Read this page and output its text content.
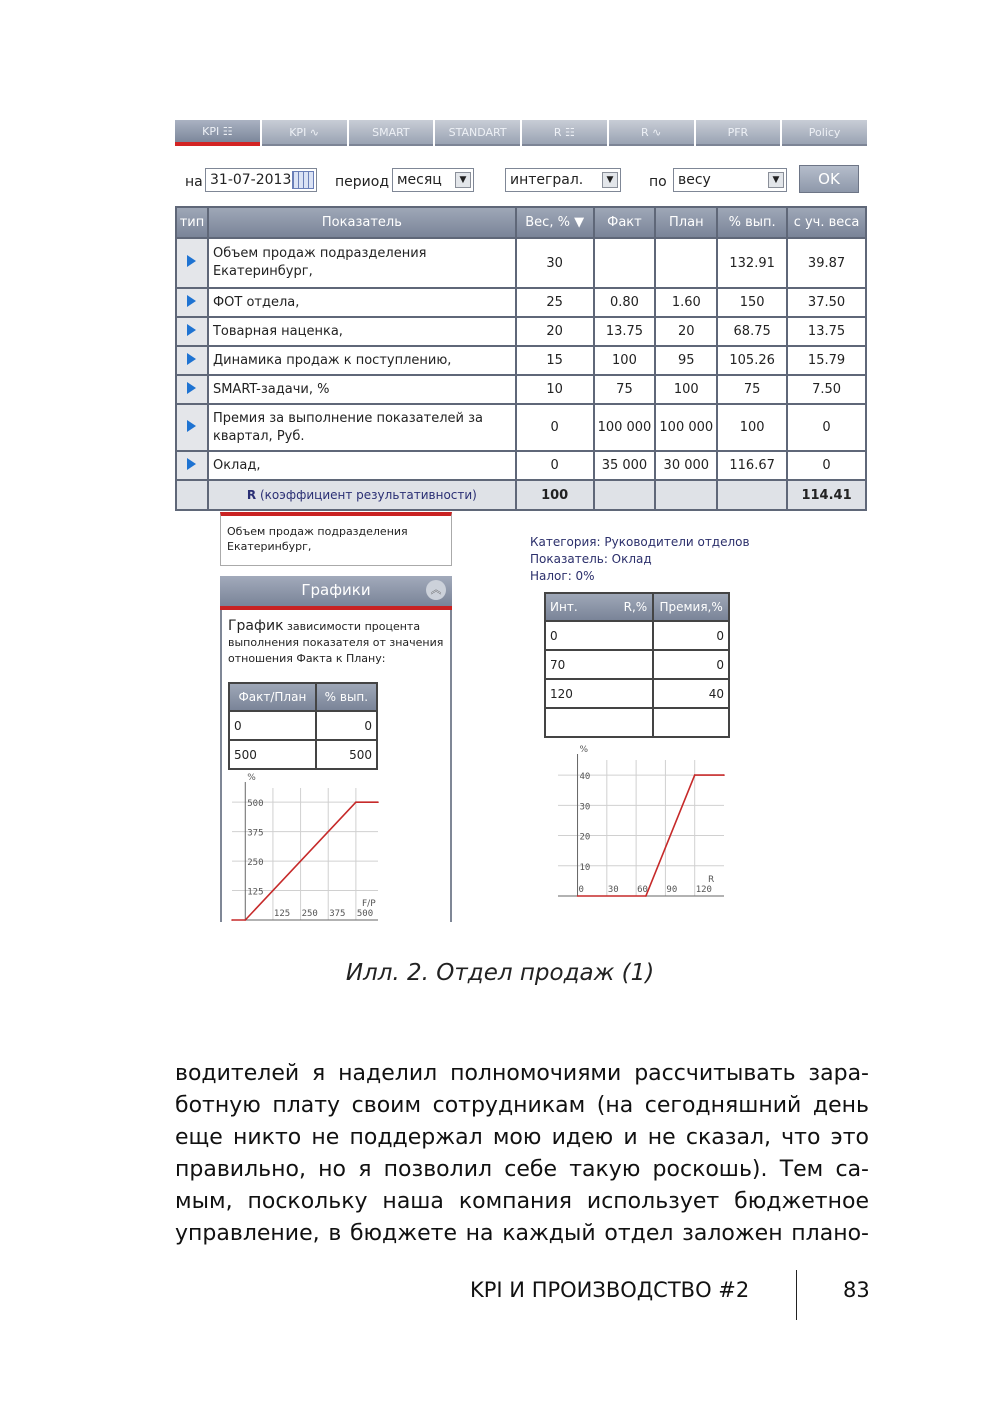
KPI ☷	KPI ∿	SMART	STANDART	R ☷	R ∿	PFR	Policy
на 31-07-2013	период месяц	▼	интеграл.	▼	по весу	▼	OK
тип	Показатель	Вес, % ▼	Факт	План	% вып.	с уч. веса
	Объем продаж подразделения Екатеринбург,	30			132.91	39.87
	ФОТ отдела,	25	0.80	1.60	150	37.50
	Товарная наценка,	20	13.75	20	68.75	13.75
	Динамика продаж к поступлению,	15	100	95	105.26	15.79
	SMART-задачи, %	10	75	100	75	7.50
	Премия за выполнение показателей за квартал, Руб.	0	100 000	100 000	100	0
	Оклад,	0	35 000	30 000	116.67	0
	R (коэффициент результативности)	100				114.41
Объем продаж подразделения Екатеринбург,
Графики	︽
График зависимости процента выполнения показателя от значения отношения Факта к Плану:
Факт/План	% вып.
0	0
500	500
500
375
250
125
125 250 375 500
%
F/P
Категория: Руководители отделов
Показатель: Оклад
Налог: 0%
Инт. R,%	Премия,%
0	0
70	0
120	40

40
30
20
10
0	30 60 90 120
%
R
Илл. 2. Отдел продаж (1)
водителей я наделил полномочиями рассчитывать зара-
ботную плату своим сотрудникам (на сегодняшний день
еще никто не поддержал мою идею и не сказал, что это
правильно, но я позволил себе такую роскошь). Тем са-
мым, поскольку наша компания использует бюджетное
управление, в бюджете на каждый отдел заложен плано-
KPI И ПРОИЗВОДСТВО #2	83
